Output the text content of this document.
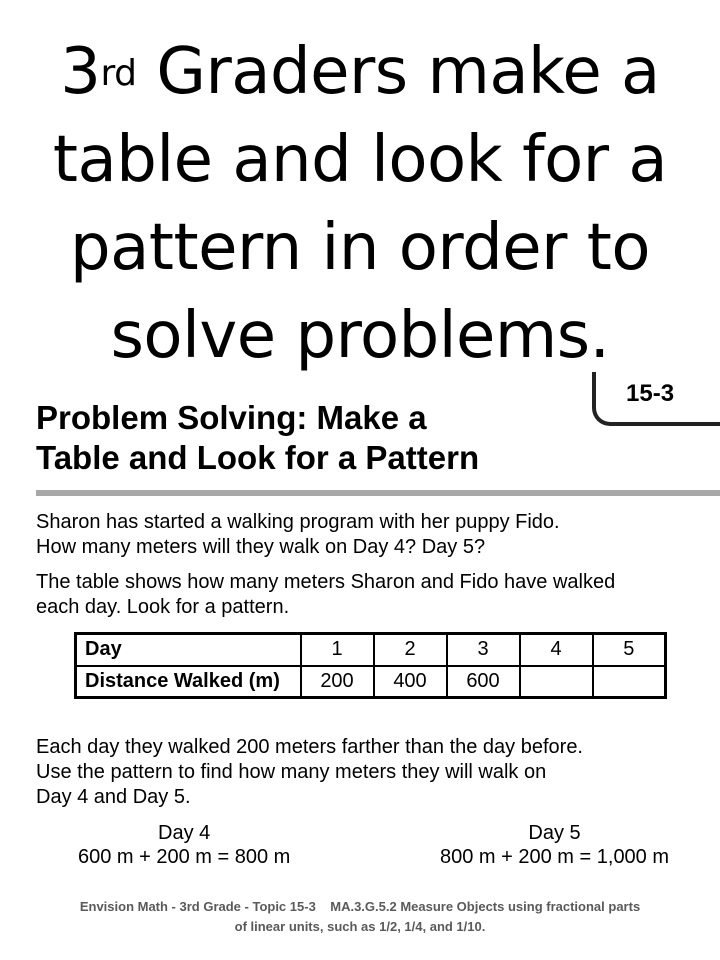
3rd Graders make a
table and look for a
pattern in order to
solve problems.
15-3
Problem Solving: Make a
Table and Look for a Pattern
Sharon has started a walking program with her puppy Fido.
How many meters will they walk on Day 4? Day 5?
The table shows how many meters Sharon and Fido have walked
each day. Look for a pattern.
Day	1	2	3	4	5
Distance Walked (m)	200	400	600		
Each day they walked 200 meters farther than the day before.
Use the pattern to find how many meters they will walk on
Day 4 and Day 5.
Day 4
600 m + 200 m = 800 m
Day 5
800 m + 200 m = 1,000 m
Envision Math - 3rd Grade - Topic 15-3    MA.3.G.5.2 Measure Objects using fractional parts
of linear units, such as 1/2, 1/4, and 1/10.
